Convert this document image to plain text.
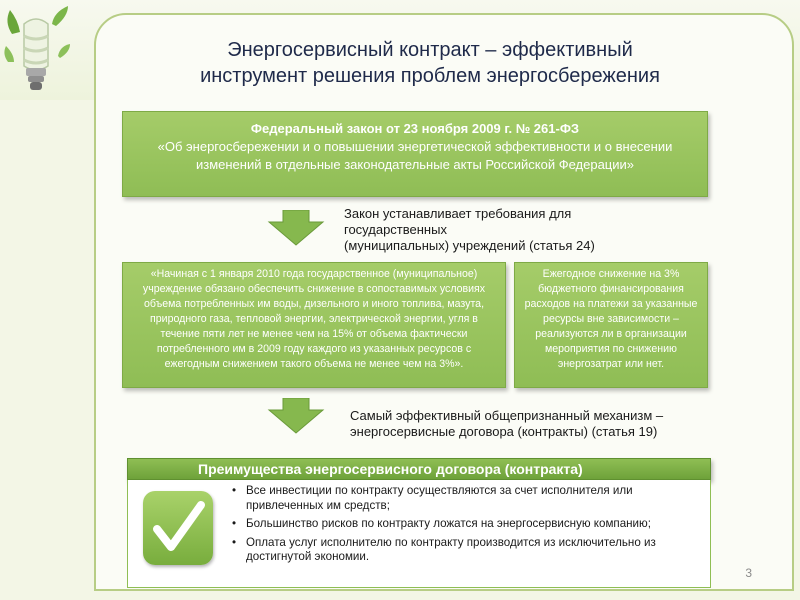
Энергосервисный контракт – эффективный
инструмент решения проблем энергосбережения
Федеральный закон от 23 ноября 2009 г. № 261-ФЗ
«Об энергосбережении и о повышении энергетической эффективности и о внесении изменений в отдельные законодательные акты Российской Федерации»
Закон устанавливает требования для
государственных
(муниципальных) учреждений (статья 24)
«Начиная с 1 января 2010 года государственное (муниципальное) учреждение обязано обеспечить снижение в сопоставимых условиях объема потребленных им воды, дизельного и иного топлива, мазута, природного газа, тепловой энергии, электрической энергии, угля в течение пяти лет не менее чем на 15% от объема фактически потребленного им в 2009 году каждого из указанных ресурсов с ежегодным снижением такого объема не менее чем на 3%».
Ежегодное снижение на 3% бюджетного финансирования расходов на платежи за указанные ресурсы вне зависимости – реализуются ли в организации мероприятия по снижению энергозатрат или нет.
Самый эффективный общепризнанный механизм –
энергосервисные договора (контракты) (статья 19)
Преимущества энергосервисного договора (контракта)
• Все инвестиции по контракту осуществляются за счет исполнителя или привлеченных им средств;
• Большинство рисков по контракту ложатся на энергосервисную компанию;
• Оплата услуг исполнителю по контракту производится из исключительно из достигнутой экономии.
3
